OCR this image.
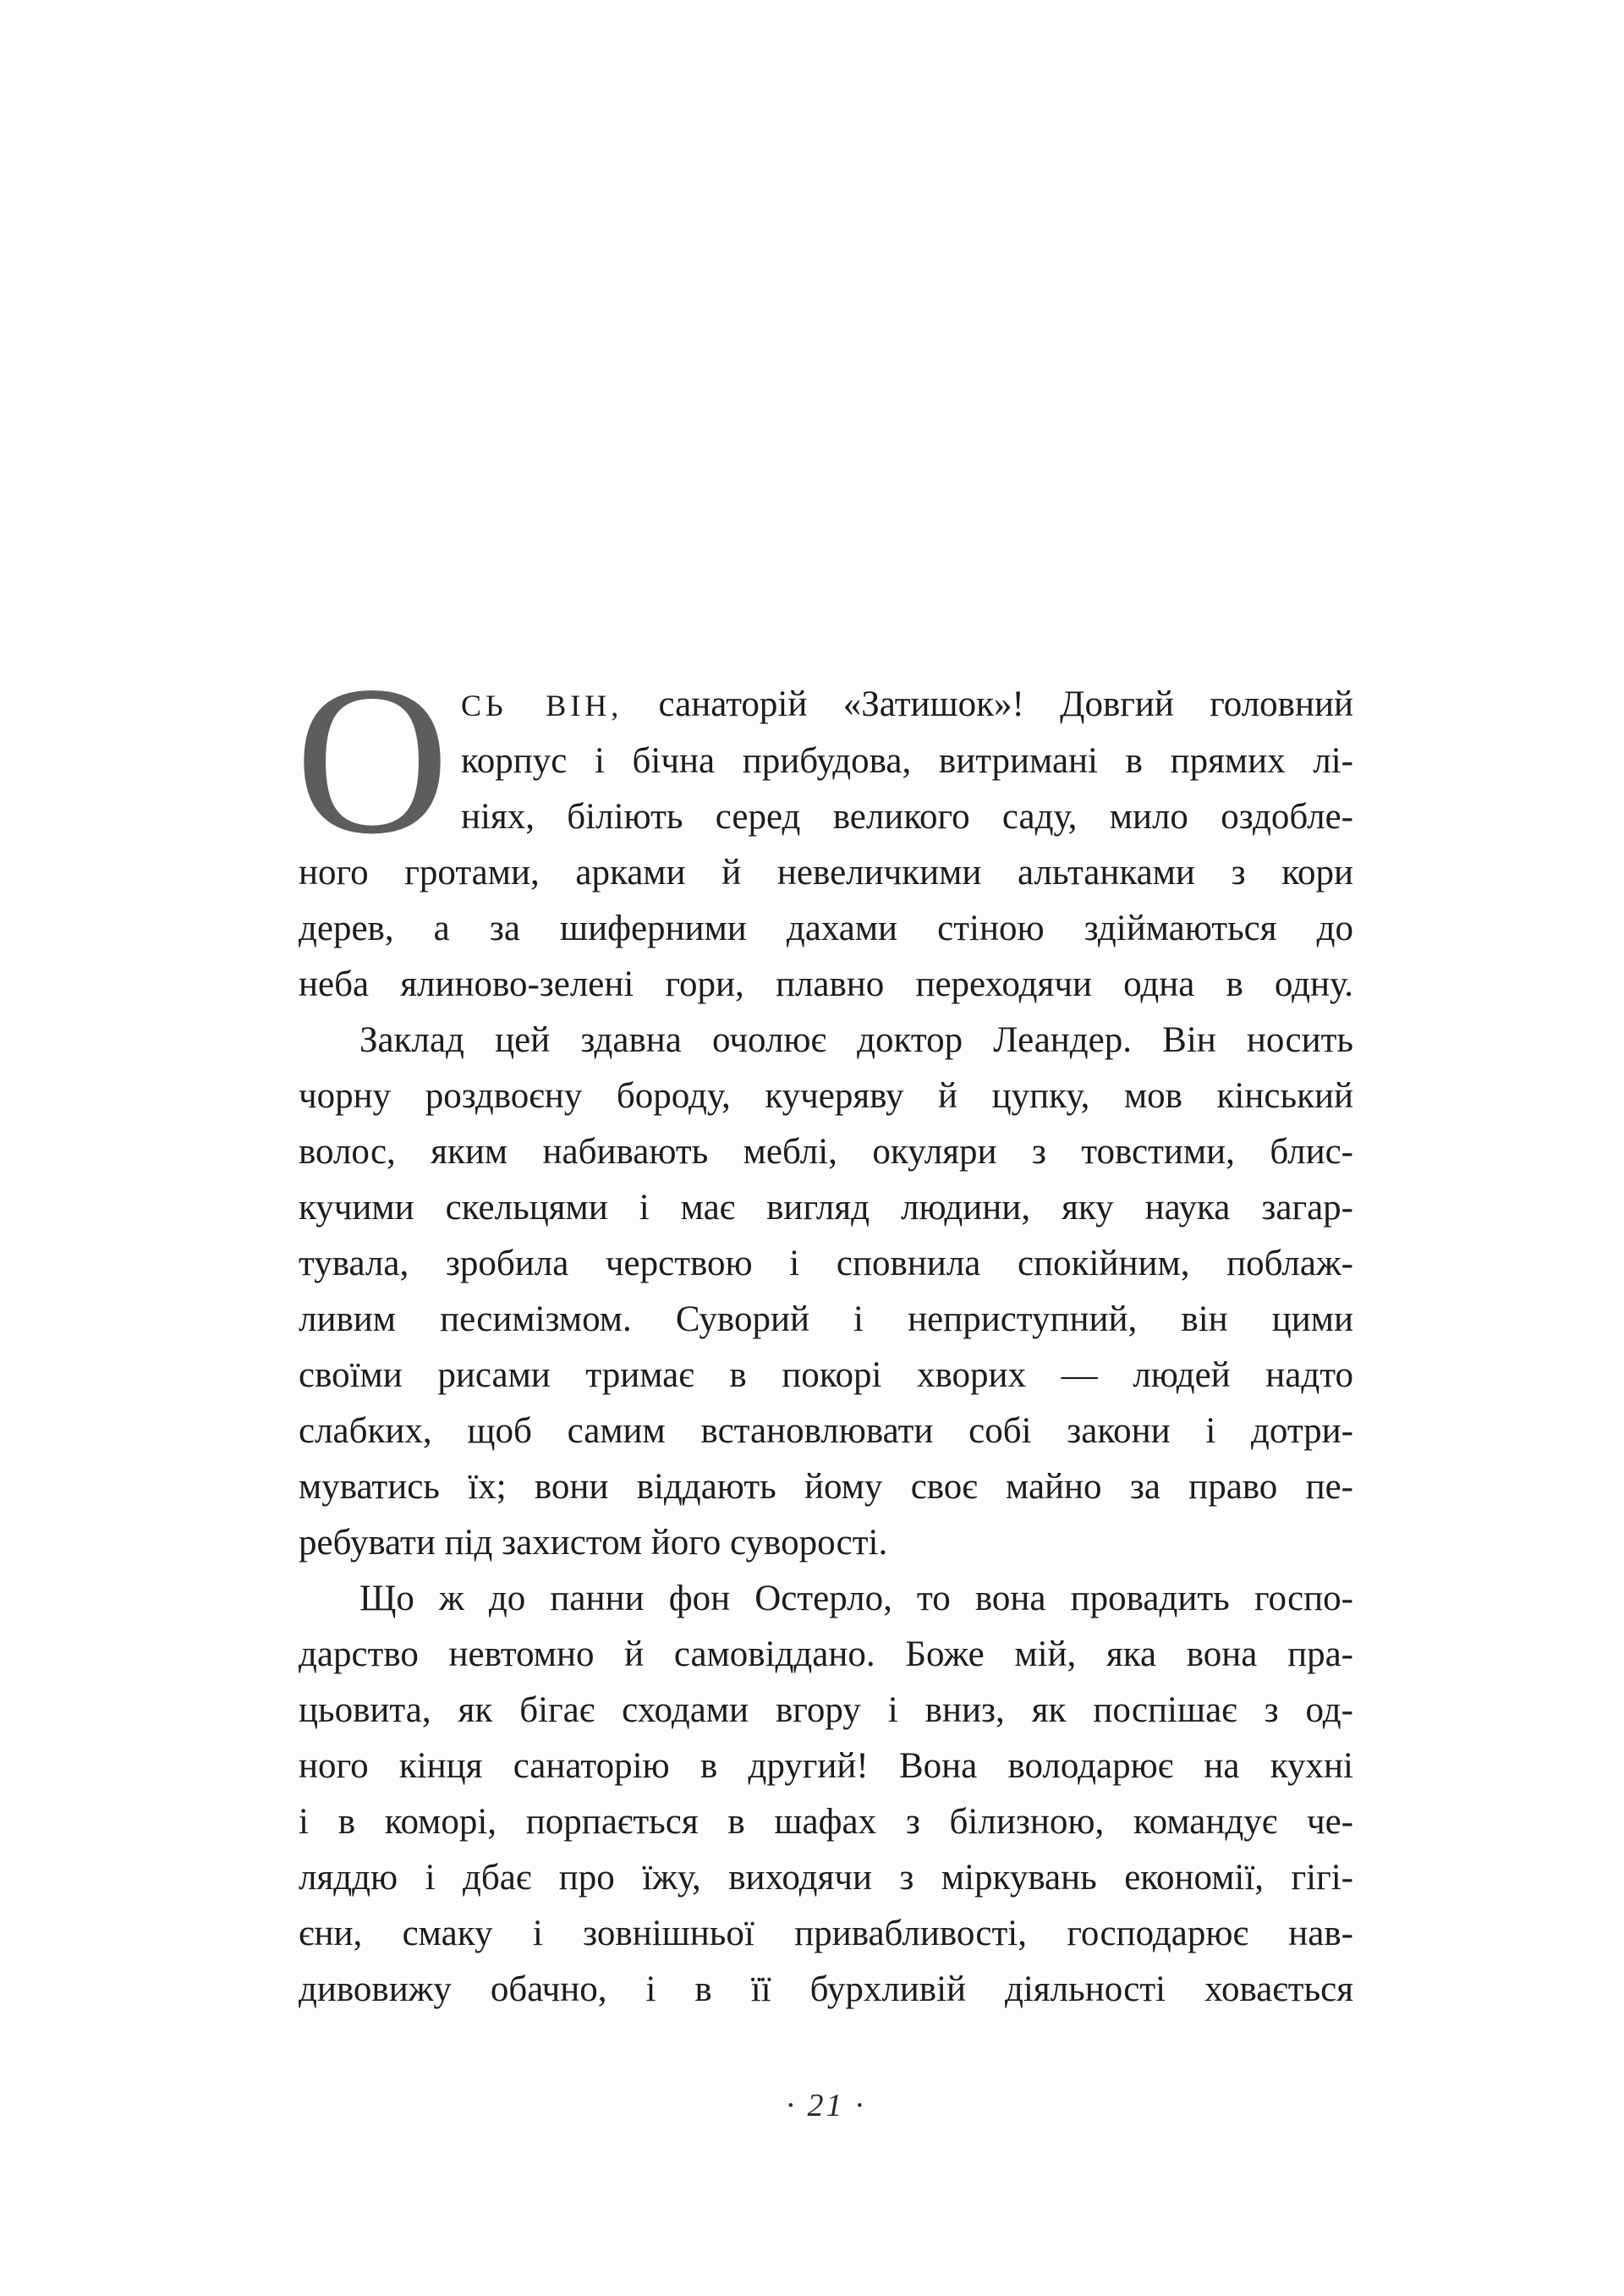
О СЬ ВІН, санаторій «Затишок»! Довгий головний
корпус і бічна прибудова, витримані в прямих лі-
ніях, біліють серед великого саду, мило оздобле-
ного гротами, арками й невеличкими альтанками з кори
дерев, а за шиферними дахами стіною здіймаються до
неба ялиново-зелені гори, плавно переходячи одна в одну.
Заклад цей здавна очолює доктор Леандер. Він носить
чорну роздвоєну бороду, кучеряву й цупку, мов кінський
волос, яким набивають меблі, окуляри з товстими, блис-
кучими скельцями і має вигляд людини, яку наука загар-
тувала, зробила черствою і сповнила спокійним, поблаж-
ливим песимізмом. Суворий і неприступний, він цими
своїми рисами тримає в покорі хворих — людей надто
слабких, щоб самим встановлювати собі закони і дотри-
муватись їх; вони віддають йому своє майно за право пе-
ребувати під захистом його суворості.
Що ж до панни фон Остерло, то вона провадить госпо-
дарство невтомно й самовіддано. Боже мій, яка вона пра-
цьовита, як бігає сходами вгору і вниз, як поспішає з од-
ного кінця санаторію в другий! Вона володарює на кухні
і в коморі, порпається в шафах з білизною, командує че-
ляддю і дбає про їжу, виходячи з міркувань економії, гігі-
єни, смаку і зовнішньої привабливості, господарює нав-
дивовижу обачно, і в її бурхливій діяльності ховається
· 21 ·
